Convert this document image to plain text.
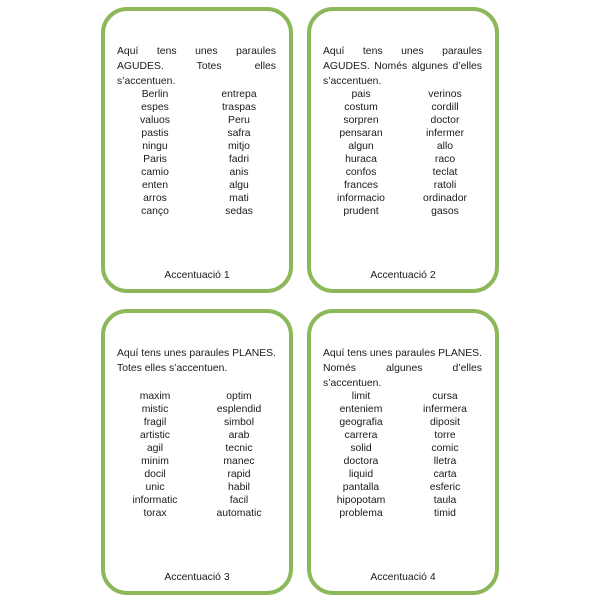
Aquí tens unes paraules AGUDES. Totes elles s’accentuen.
Berlin
espes
valuos
pastis
ningu
Paris
camio
enten
arros
canço
entrepa
traspas
Peru
safra
mitjo
fadri
anis
algu
mati
sedas
Accentuació 1
Aquí tens unes paraules AGUDES. Només algunes d’elles s’accentuen.
pais
costum
sorpren
pensaran
algun
huraca
confos
frances
informacio
prudent
verinos
cordill
doctor
infermer
allo
raco
teclat
ratoli
ordinador
gasos
Accentuació 2
Aquí tens unes paraules PLANES. Totes elles s’accentuen.
maxim
mistic
fragil
artistic
agil
minim
docil
unic
informatic
torax
optim
esplendid
simbol
arab
tecnic
manec
rapid
habil
facil
automatic
Accentuació 3
Aquí tens unes paraules PLANES. Només algunes d’elles s’accentuen.
limit
enteniem
geografia
carrera
solid
doctora
liquid
pantalla
hipopotam
problema
cursa
infermera
diposit
torre
comic
lletra
carta
esferic
taula
timid
Accentuació 4
